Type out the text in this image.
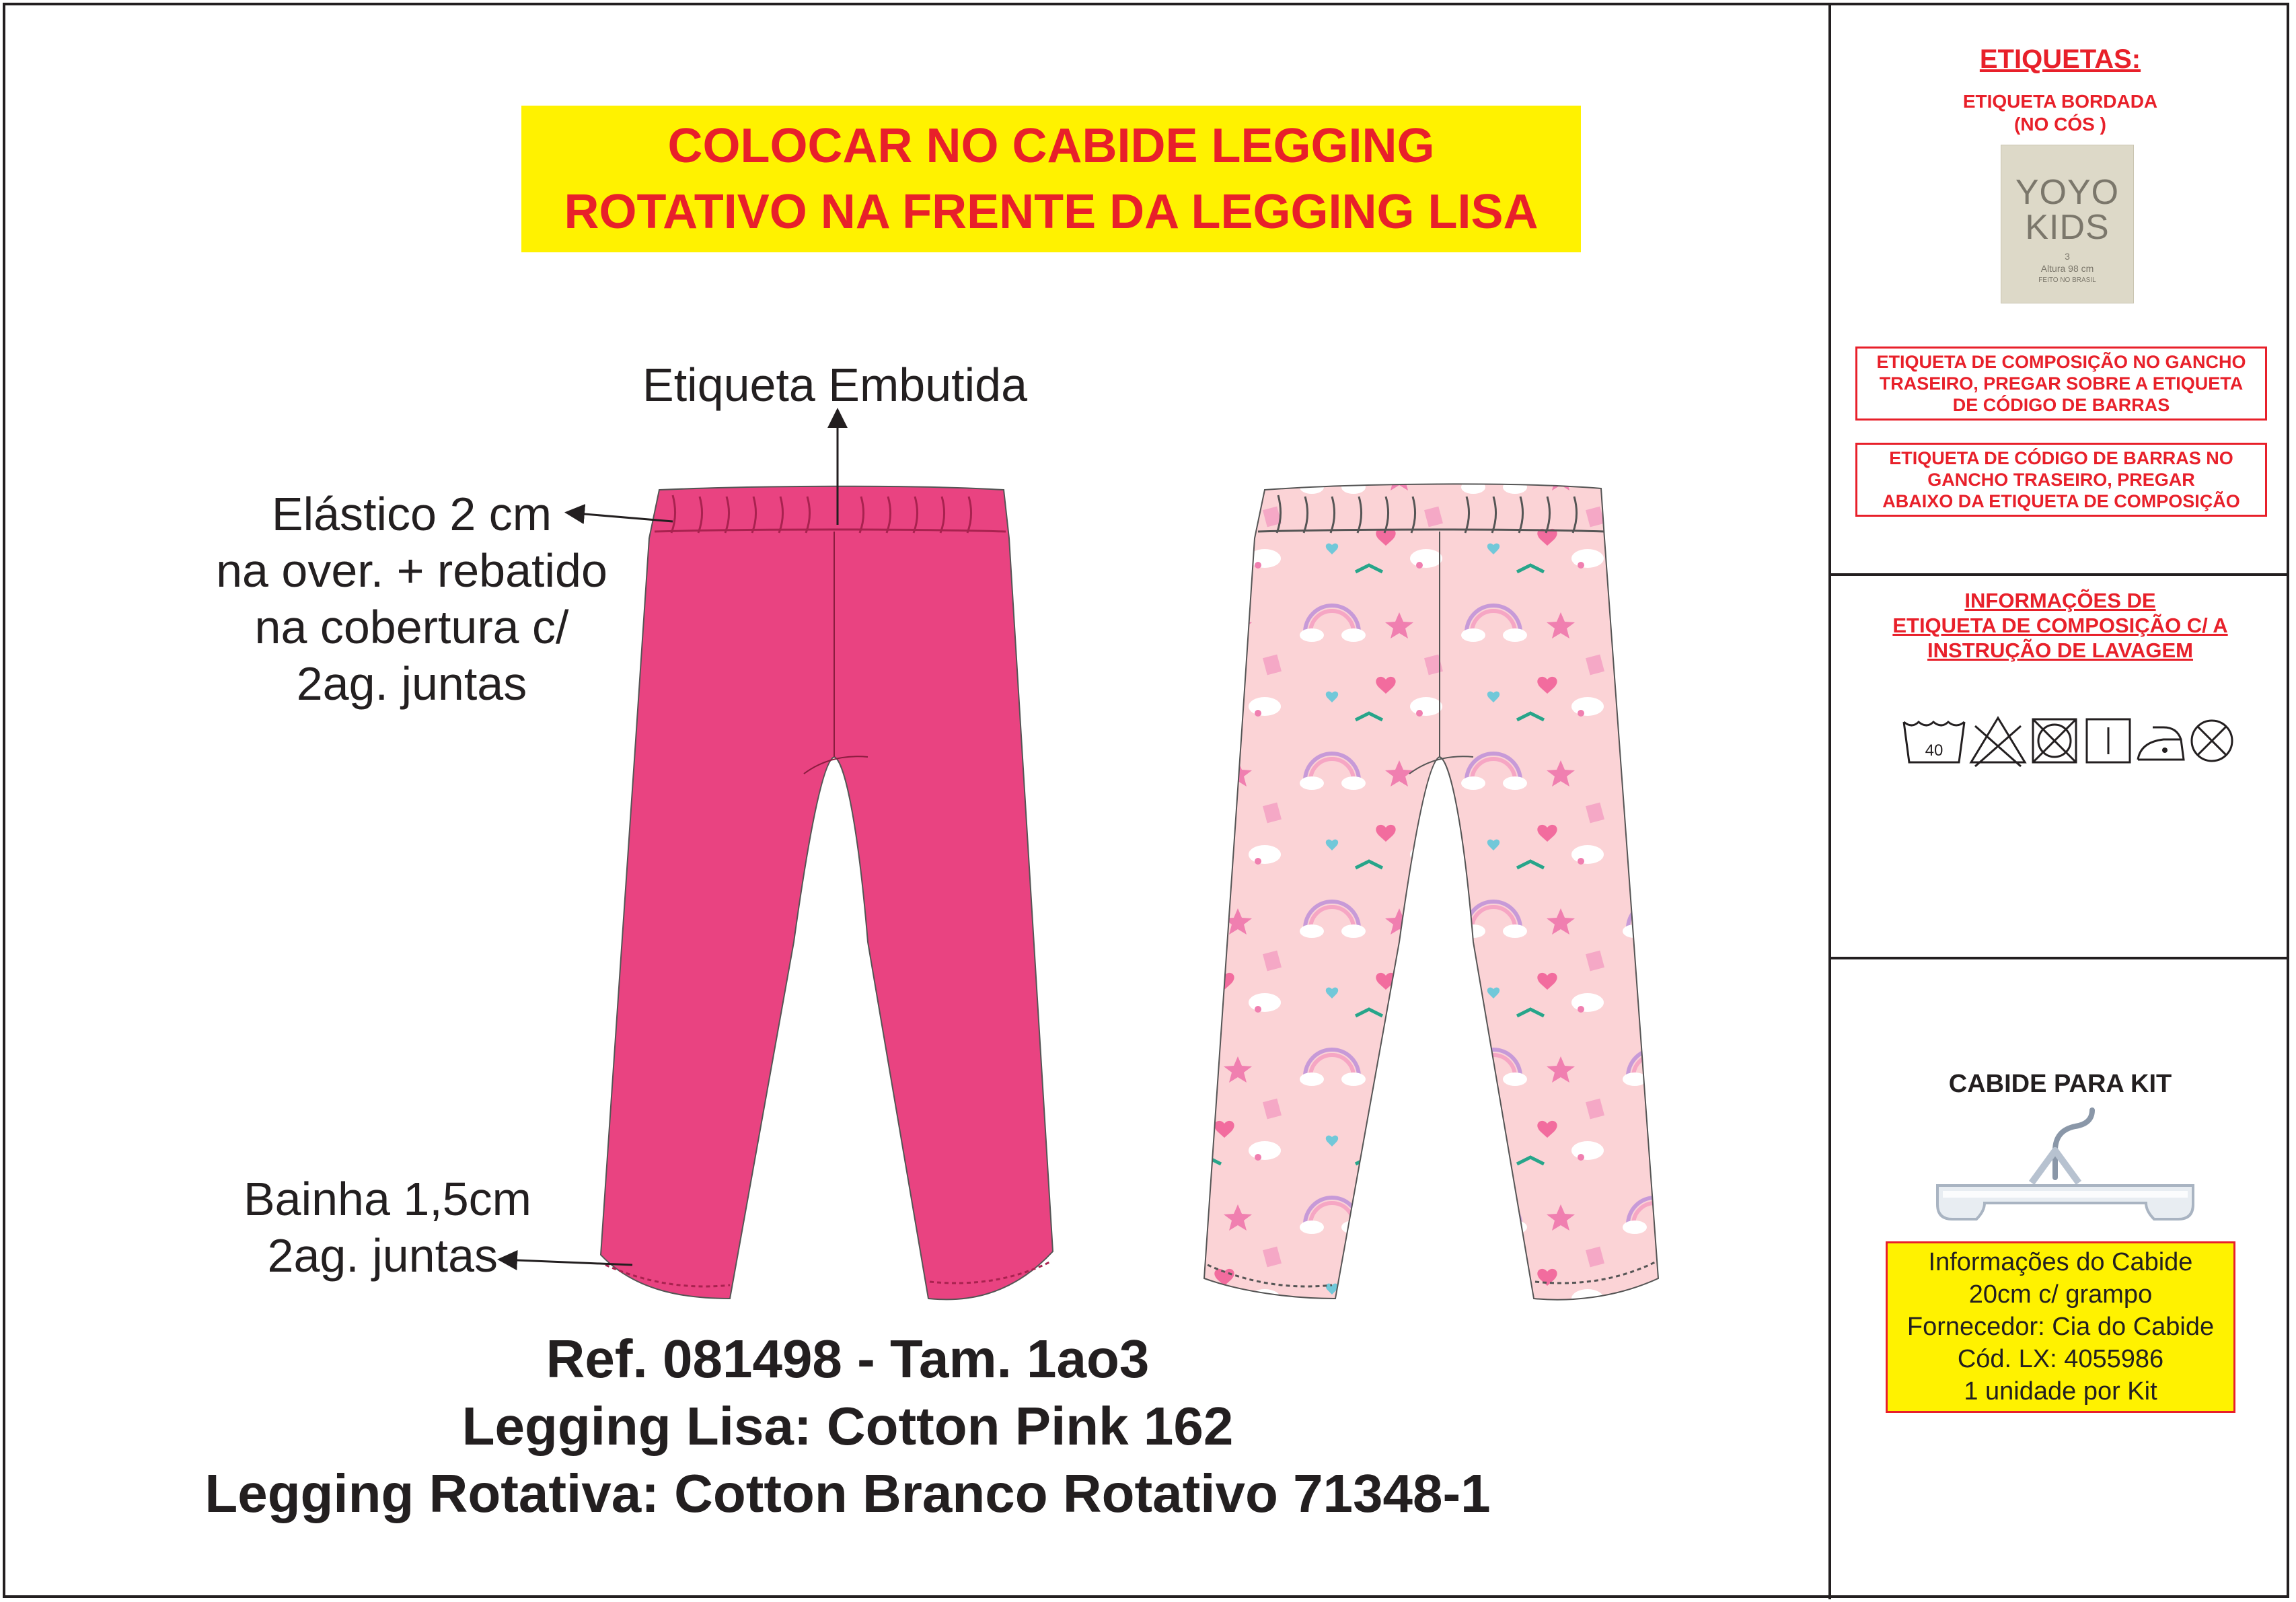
COLOCAR NO CABIDE LEGGING
ROTATIVO NA FRENTE DA LEGGING LISA
Etiqueta Embutida
Elástico 2 cm
na over. + rebatido
na cobertura c/
2ag. juntas
Bainha 1,5cm
2ag. juntas
Ref. 081498 - Tam. 1ao3
Legging Lisa: Cotton Pink 162
Legging Rotativa: Cotton Branco Rotativo 71348-1
ETIQUETAS:
ETIQUETA BORDADA
(NO CÓS )
YOYO
KIDS
3
Altura 98 cm
FEITO NO BRASIL
ETIQUETA DE COMPOSIÇÃO NO GANCHO
TRASEIRO, PREGAR SOBRE A ETIQUETA
DE CÓDIGO DE BARRAS
ETIQUETA DE CÓDIGO DE BARRAS NO
GANCHO TRASEIRO, PREGAR
ABAIXO DA ETIQUETA DE COMPOSIÇÃO
INFORMAÇÕES DE
ETIQUETA DE COMPOSIÇÃO C/ A
INSTRUÇÃO DE LAVAGEM
40
CABIDE PARA KIT
Informações do Cabide
20cm c/ grampo
Fornecedor: Cia do Cabide
Cód. LX: 4055986
1 unidade por Kit
